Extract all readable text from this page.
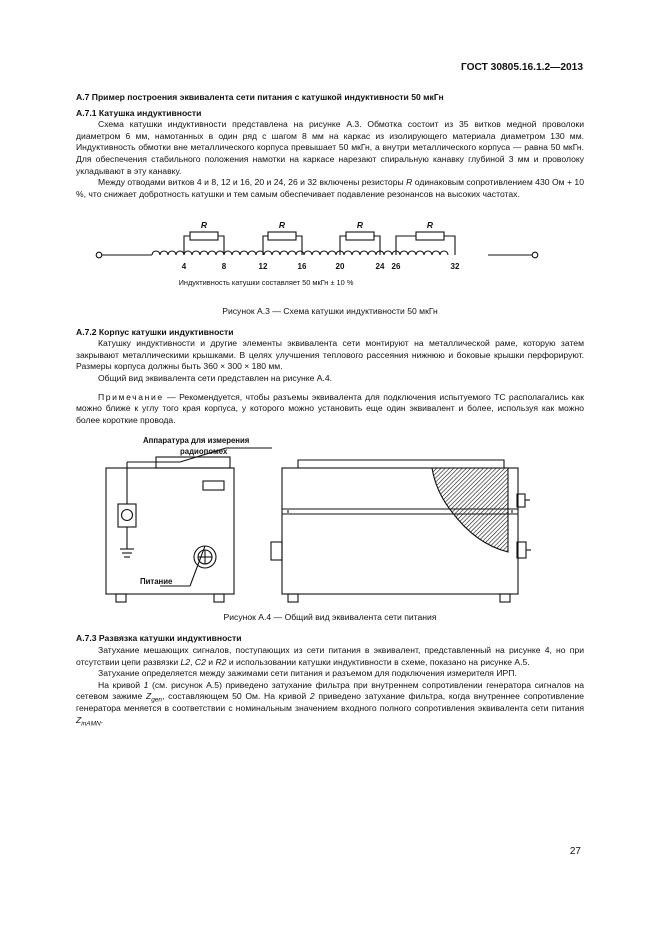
ГОСТ 30805.16.1.2—2013

А.7 Пример построения эквивалента сети питания с катушкой индуктивности 50 мкГн

А.7.1 Катушка индуктивности

Схема катушки индуктивности представлена на рисунке А.3. Обмотка состоит из 35 витков медной проволоки диаметром 6 мм, намотанных в один ряд с шагом 8 мм на каркас из изолирующего материала диаметром 130 мм. Индуктивность обмотки вне металлического корпуса превышает 50 мкГн, а внутри металлического корпуса — равна 50 мкГн. Для обеспечения стабильного положения намотки на каркасе нарезают спиральную канавку глубиной 3 мм и проволоку укладывают в эту канавку.

Между отводами витков 4 и 8, 12 и 16, 20 и 24, 26 и 32 включены резисторы R одинаковым сопротивлением 430 Ом + 10 %, что снижает добротность катушки и тем самым обеспечивает подавление резонансов на высоких частотах.

R	R	R	R
4	8	12	16	20	24 26	32
Индуктивность катушки составляет 50 мкГн ± 10 %
Рисунок А.3 — Схема катушки индуктивности 50 мкГн

А.7.2 Корпус катушки индуктивности

Катушку индуктивности и другие элементы эквивалента сети монтируют на металлической раме, которую затем закрывают металлическими крышками. В целях улучшения теплового рассеяния нижнюю и боковые крышки перфорируют. Размеры корпуса должны быть 360 × 300 × 180 мм.

Общий вид эквивалента сети представлен на рисунке А.4.

Примечание — Рекомендуется, чтобы разъемы эквивалента для подключения испытуемого ТС располагались как можно ближе к углу того края корпуса, у которого можно установить еще один эквивалент и более, используя как можно более короткие провода.

Аппаратура для измерения
радиопомех
Питание
Рисунок А.4 — Общий вид эквивалента сети питания

А.7.3 Развязка катушки индуктивности

Затухание мешающих сигналов, поступающих из сети питания в эквивалент, представленный на рисунке 4, но при отсутствии цепи развязки L2, C2 и R2 и использовании катушки индуктивности в схеме, показано на рисунке А.5.

Затухание определяется между зажимами сети питания и разъемом для подключения измерителя ИРП.

На кривой 1 (см. рисунок А.5) приведено затухание фильтра при внутреннем сопротивлении генератора сигналов на сетевом зажиме $Z_{gen}$, составляющем 50 Ом. На кривой 2 приведено затухание фильтра, когда внутреннее сопротивление генератора меняется в соответствии с номинальным значением входного полного сопротивления эквивалента сети питания $Z_{inAMN}$.

27
